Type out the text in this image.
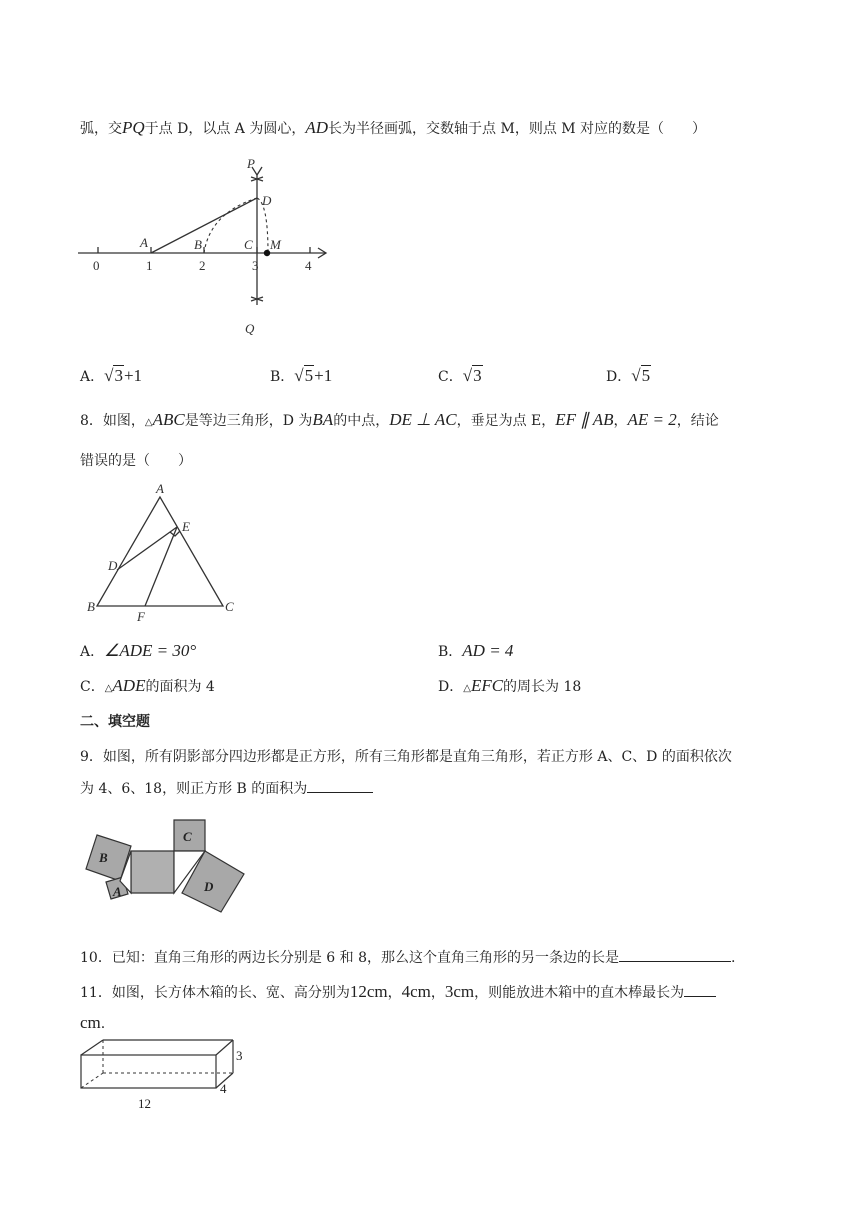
弧，交PQ于点 D，以点 A 为圆心，AD长为半径画弧，交数轴于点 M，则点 M 对应的数是（　　）
P
D
A	B	C M
Q
0	1	2	3	4
A．√3+1	B．√5+1	C．√3	D．√5
8．如图，△ABC是等边三角形，D 为BA的中点，DE ⊥ AC，垂足为点 E，EF ∥ AB，AE = 2，结论
错误的是（　　）
A
E
D
B	C
F
A．∠ADE = 30°	B．AD = 4
C．△ADE的面积为 4	D．△EFC的周长为 18
二、填空题
9．如图，所有阴影部分四边形都是正方形，所有三角形都是直角三角形，若正方形 A、C、D 的面积依次
为 4、6、18，则正方形 B 的面积为
B
A
C
D
10．已知：直角三角形的两边长分别是 6 和 8，那么这个直角三角形的另一条边的长是	.
11．如图，长方体木箱的长、宽、高分别为12cm，4cm，3cm，则能放进木箱中的直木棒最长为
cm.
3
4
12
